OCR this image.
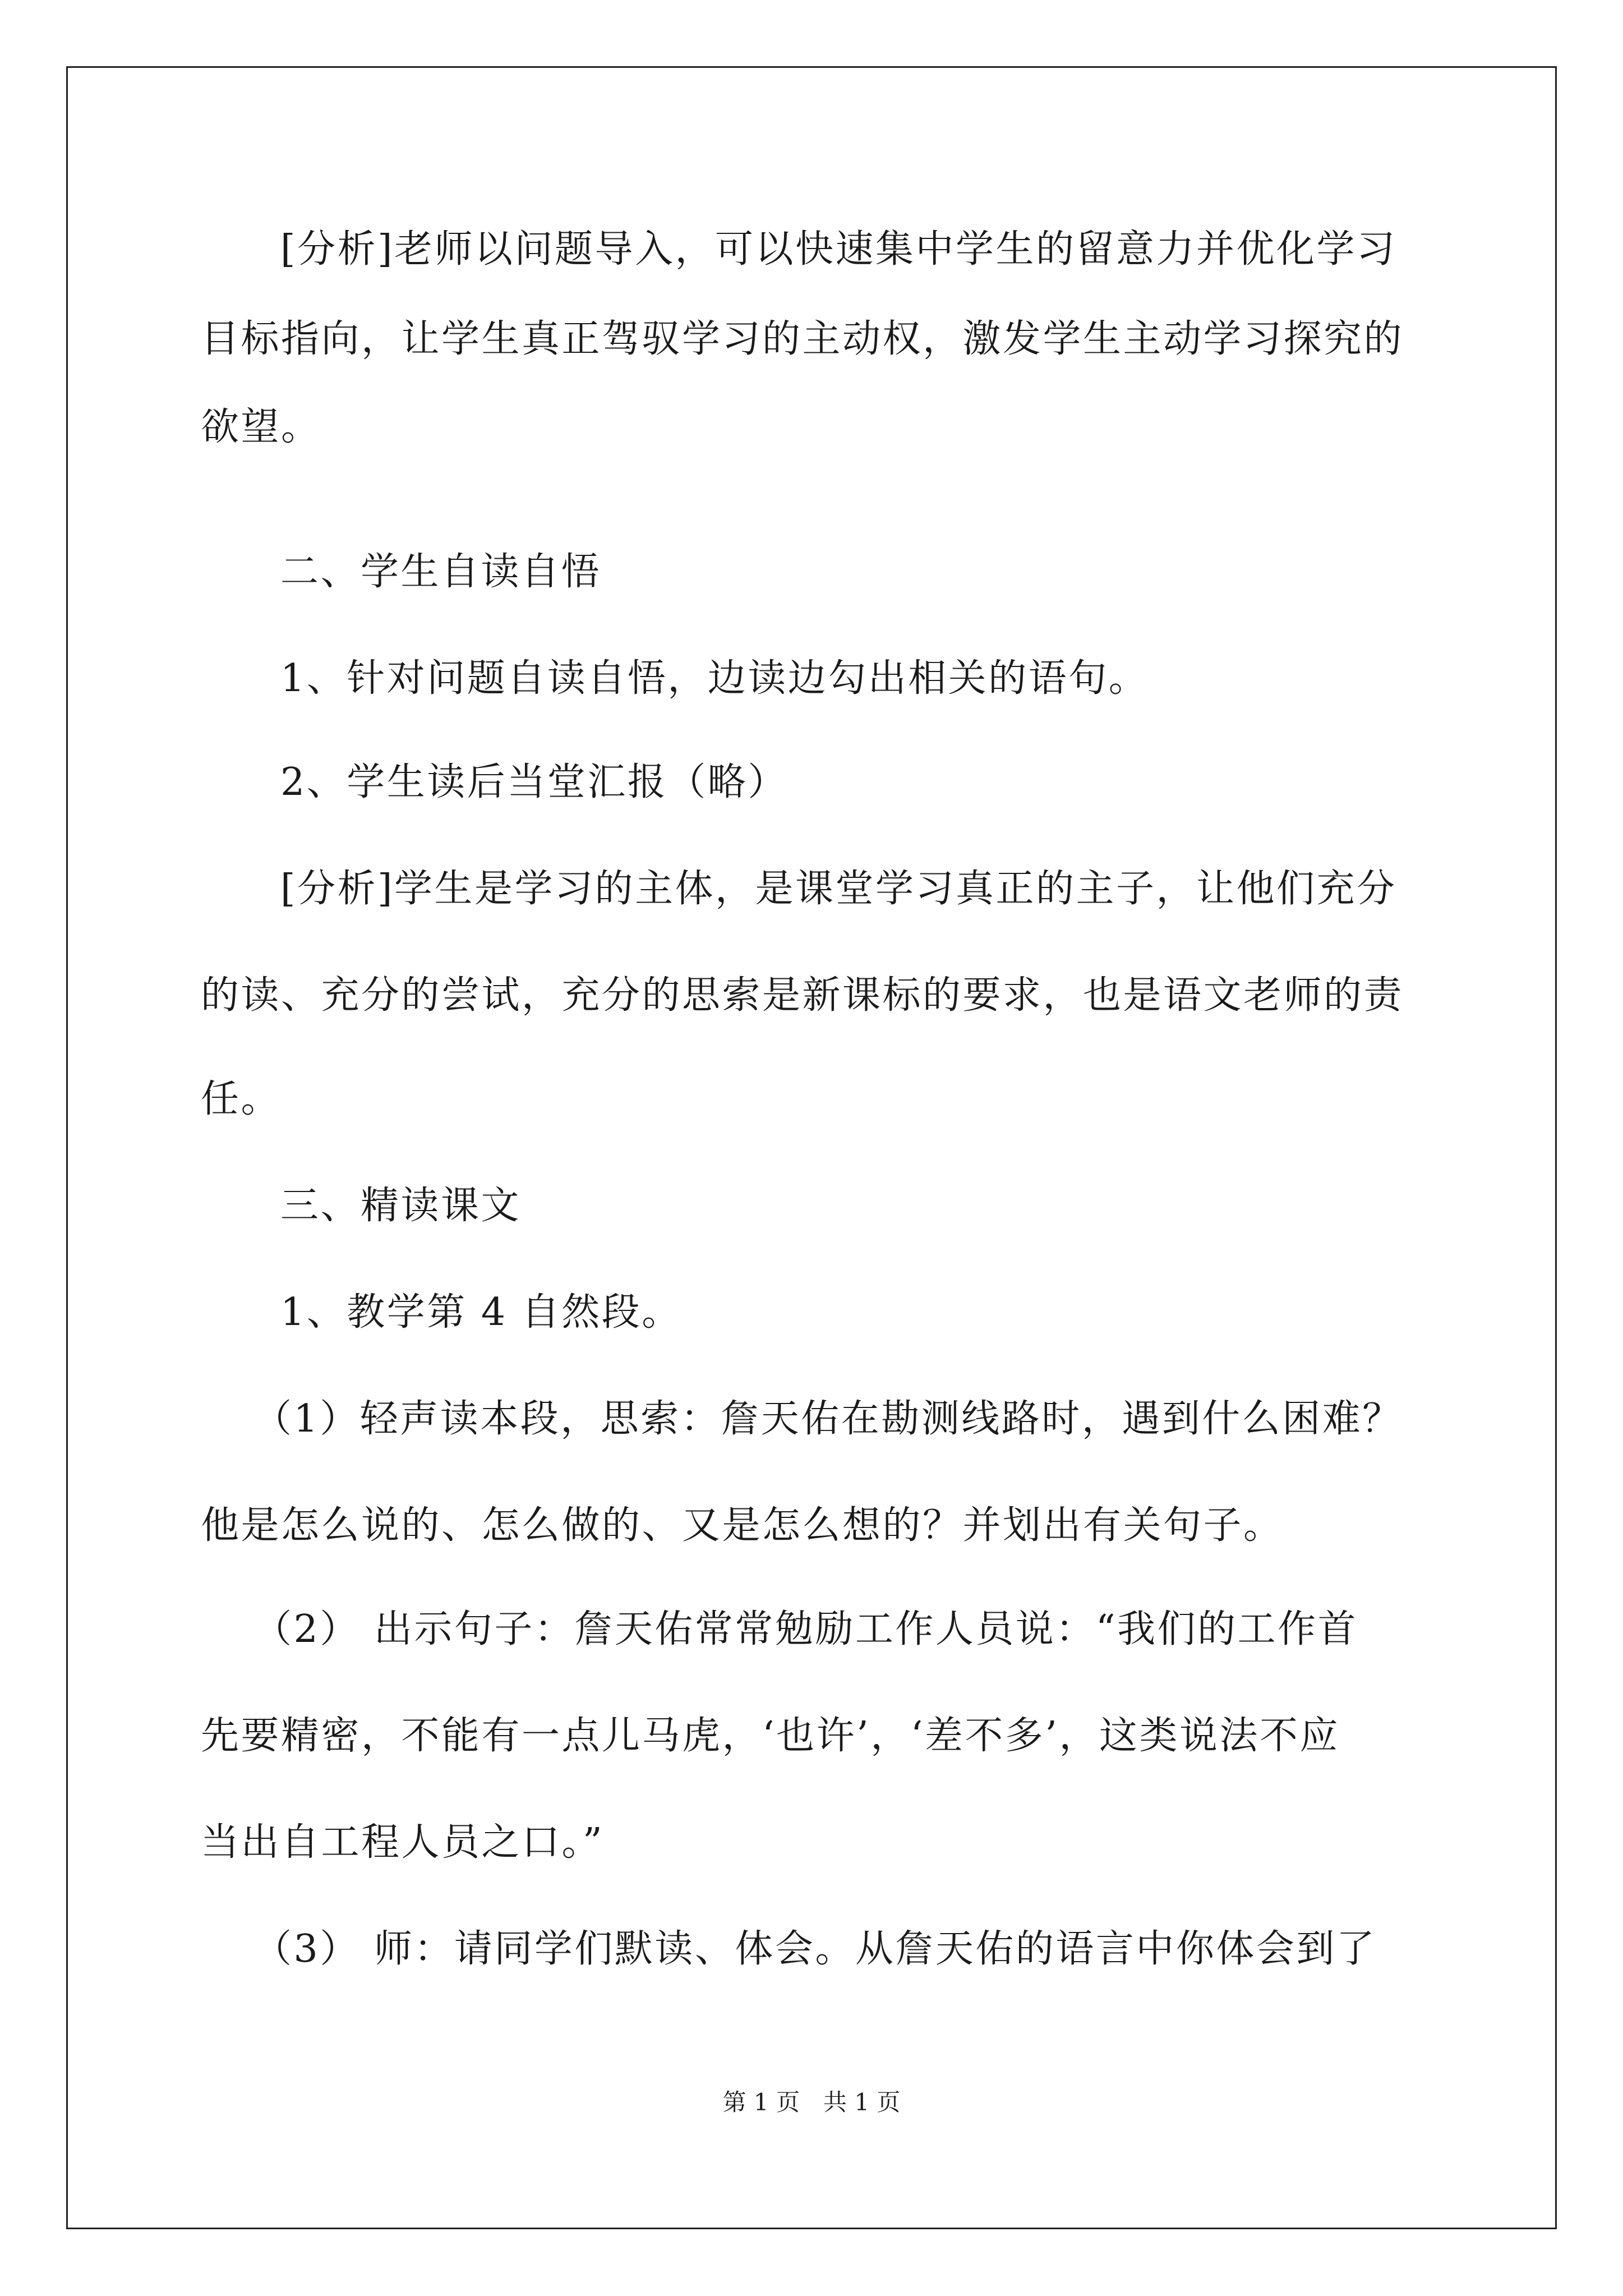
[分析]老师以问题导入，可以快速集中学生的留意力并优化学习
目标指向，让学生真正驾驭学习的主动权，激发学生主动学习探究的
欲望。
二、学生自读自悟
1、针对问题自读自悟，边读边勾出相关的语句。
2、学生读后当堂汇报（略）
[分析]学生是学习的主体，是课堂学习真正的主子，让他们充分
的读、充分的尝试，充分的思索是新课标的要求，也是语文老师的责
任。
三、精读课文
1、教学第 4 自然段。
（1）轻声读本段，思索：詹天佑在勘测线路时，遇到什么困难？
他是怎么说的、怎么做的、又是怎么想的？并划出有关句子。
（2） 出示句子：詹天佑常常勉励工作人员说：“我们的工作首
先要精密，不能有一点儿马虎，‘也许’，‘差不多’，这类说法不应
当出自工程人员之口。”
（3） 师：请同学们默读、体会。从詹天佑的语言中你体会到了
第 1 页　共 1 页
